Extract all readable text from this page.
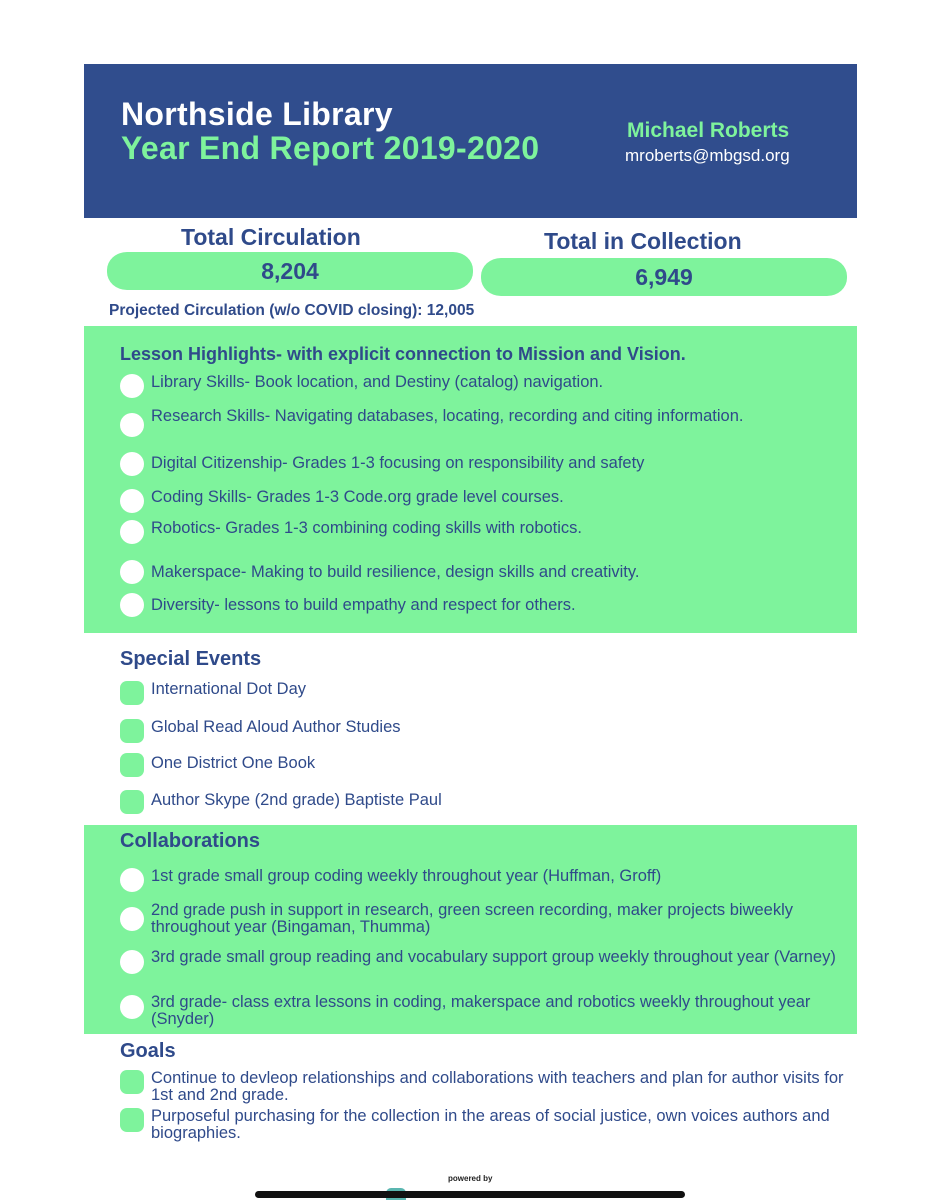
Northside Library
Year End Report 2019-2020	Michael Roberts
mroberts@mbgsd.org
Total Circulation
8,204
Total in Collection
6,949
Projected Circulation (w/o COVID closing): 12,005
Lesson Highlights- with explicit connection to Mission and Vision.
Library Skills- Book location, and Destiny (catalog) navigation.
Research Skills- Navigating databases, locating, recording and citing information.
Digital Citizenship- Grades 1-3 focusing on responsibility and safety
Coding Skills- Grades 1-3 Code.org grade level courses.
Robotics- Grades 1-3 combining coding skills with robotics.
Makerspace- Making to build resilience, design skills and creativity.
Diversity- lessons to build empathy and respect for others.
Special Events
International Dot Day
Global Read Aloud Author Studies
One District One Book
Author Skype (2nd grade) Baptiste Paul
Collaborations
1st grade small group coding weekly throughout year (Huffman, Groff)
2nd grade push in support in research, green screen recording, maker projects biweekly throughout year (Bingaman, Thumma)
3rd grade small group reading and vocabulary support group weekly throughout year (Varney)
3rd grade- class extra lessons in coding, makerspace and robotics weekly throughout year (Snyder)
Goals
Continue to devleop relationships and collaborations with teachers and plan for author visits for 1st and 2nd grade.
Purposeful purchasing for the collection in the areas of social justice, own voices authors and biographies.
powered by
